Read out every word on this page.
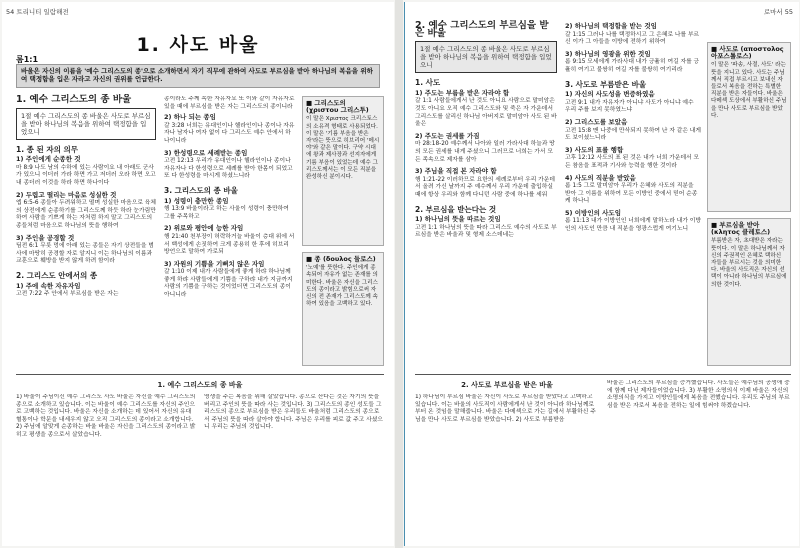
54 트리니티 일람해전
1. 사도 바울
롬1:1
바울은 자신의 이름을 '예수 그리스도의 종'으로 소개하면서 자기 직무에 관하여 사도로 부르심을 받아 하나님의 복음을 위하여 택정함을 입은 자라고 자신의 권위를 언급한다.
1. 예수 그리스도의 종 바울
1절 예수 그리스도의 종 바울은 사도로 부르심을 받아 하나님의 복음을 위하여 택정함을 입었으니
1. 종 된 자의 의무
1) 주인에게 순종한 것
마 8:9 나도 남의 수하에 있는 사람이요 내 아래도 군사가 있으니 이더러 가라 하면 가고 저더러 오라 하면 오고 내 종더러 이것을 하라 하면 하나이다
2) 두렵고 떨리는 마음로 성실한 것
엡 6:5-6 종들아 두려워하고 떨며 성실한 마음으로 육체의 상전에게 순종하기를 그리스도께 하듯 하라 눈가림만 하여 사람을 기쁘게 하는 자처럼 하지 말고 그리스도의 종들처럼 마음으로 하나님의 뜻을 행하여
3) 주인을 공경할 것
딤전 6:1 무릇 멍에 아래 있는 종들은 자기 상전들을 범사에 마땅히 공경할 자로 알지니 이는 하나님의 이름과 교훈으로 훼방을 받지 않게 하려 함이라
2. 그리스도 안에서의 종
1) 주에 속한 자유자임
고전 7:22 주 안에서 부르심을 받은 자는
종이라도 주께 속한 자유자요 또 이와 같이 자유자로 있을 때에 부르심을 받은 자는 그리스도의 종이니라
2) 하나 되는 종임
갈 3:28 너희는 유대인이나 헬라인이나 종이나 자유자나 남자나 여자 없이 다 그리스도 예수 안에서 하나이니라
3) 한성령으로 세례받는 종임
고전 12:13 우리가 유대인이나 헬라인이나 종이나 자유자나 다 한성령으로 세례를 받아 한몸이 되었고 또 다 한성령을 마시게 하셨느니라
3. 그리스도의 종 바울
1) 성령이 충만한 종임
행 13:9 바울이라고 하는 사울이 성령이 충만하여 그를 주목하고
2) 위로와 평안에 능한 자임
행 21:40 천부장이 허락하거늘 바울이 층대 위에 서서 백성에게 손짓하여 크게 종용히 한 후에 히브리 방언으로 말하여 가로되
3) 자원의 기쁨을 기뻐치 않은 자임
갈 1:10 이제 내가 사람들에게 좋게 하랴 하나님께 좋게 하랴 사람들에게 기쁨을 구하랴 내가 지금까지 사람의 기쁨을 구하는 것이었더면 그리스도의 종이 아니니라
■ 그리스도의 (χριστου 그리스투)
이 말은 Χριστος 크리스토스의 소유격 형태로 사용되었다. 이 말은 '기름 부음을 받은 자'라는 뜻으로 히브리어 '메시야'와 같은 말이다. 구약 시대에 왕과 제사장과 선지자에게 기름 부음이 있었는데 예수 그리스도께서는 이 모든 직분을 완성하신 분이시다.
■ 종 (δουλος 둘로스)
'노예'를 뜻한다. 주인에게 종속되어 자유가 없는 존재를 의미한다. 바울은 자신을 그리스도의 종이라고 밝힘으로써 자신의 전 존재가 그리스도께 속하여 있음을 고백하고 있다.
1. 예수 그리스도의 종 바울
1) 바울이 주님이신 예수 그리스도 사도 바울은 자신을 예수 그리스도의 종으로 소개하고 있습니다. 이는 바울이 예수 그리스도를 자신의 주인으로 고백하는 것입니다. 바울은 자신을 소개하는 데 있어서 자신의 유대 혈통이나 학문을 내세우지 않고 오직 그리스도의 종이라고 소개합니다. 2) 주님에 알맞게 순종하는 바울 바울은 자신을 그리스도의 종이라고 밝히고 평생을 종으로서 살았습니다.
영생을 주는 복음을 위해 살았습니다. 종으로 산다는 것은 자기의 뜻을 버리고 주인의 뜻을 따라 사는 것입니다. 3) 그리스도의 종인 성도들 그리스도의 종으로 부르심을 받은 우리들도 바울처럼 그리스도의 종으로서 주님의 뜻을 따라 살아야 합니다. 주님은 우리를 피로 값 주고 사셨으니 우리는 주님의 것입니다.
로마서 55
2. 예수 그리스도의 부르심을 받은 바울
1절 예수 그리스도의 종 바울은 사도로 부르심을 받아 하나님의 복음을 위하여 택정함을 입었으니
1. 사도
1) 주도는 부름을 받은 자라야 함
갈 1:1 사람들에게서 난 것도 아니요 사람으로 말미암은 것도 아니요 오직 예수 그리스도와 및 죽은 자 가운데서 그리스도를 살리신 하나님 아버지로 말미암아 사도 된 바울은
2) 주도는 권세를 가짐
마 28:18-20 예수께서 나아와 일러 가라사대 하늘과 땅의 모든 권세를 내게 주셨으니 그러므로 너희는 가서 모든 족속으로 제자를 삼아
3) 주님을 직접 본 자라야 함
행 1:21-22 이러하므로 요한의 세례로부터 우리 가운데서 올려 가신 날까지 주 예수께서 우리 가운데 출입하실 때에 항상 우리와 함께 다니던 사람 중에 하나를 세워
2. 부르심을 받는다는 것
1) 하나님의 뜻을 따르는 것임
고전 1:1 하나님의 뜻을 따라 그리스도 예수의 사도로 부르심을 받은 바울과 및 형제 소스데네는
2) 하나님의 택정함을 받는 것임
갈 1:15 그러나 나를 택정하시고 그 은혜로 나를 부르신 이가 그 아들을 이방에 전하기 위하여
3) 하나님의 영광을 위한 것임
롬 9:15 모세에게 가라사대 내가 긍휼히 여길 자를 긍휼히 여기고 불쌍히 여길 자를 불쌍히 여기리라
3. 사도로 부름받은 바울
1) 자신의 사도성을 변증하였음
고전 9:1 내가 자유자가 아니냐 사도가 아니냐 예수 우리 주를 보지 못하였느냐
2) 그리스도를 보았음
고전 15:8 맨 나중에 만삭되지 못하여 난 자 같은 내게도 보이셨느니라
3) 사도의 표를 행함
고후 12:12 사도의 표 된 것은 내가 너희 가운데서 모든 참음을 표적과 기사와 능력을 행한 것이라
4) 사도의 직분을 받았음
롬 1:5 그로 말미암아 우리가 은혜와 사도의 직분을 받아 그 이름을 위하여 모든 이방인 중에서 믿어 순종케 하나니
5) 이방인의 사도임
롬 11:13 내가 이방인인 너희에게 말하노라 내가 이방인의 사도인 만큼 내 직분을 영광스럽게 여기노니
■ 사도로 (αποστολος 아포스톨로스)
이 말은 '파송, 사절, 사도' 라는 뜻을 지니고 있다. 사도는 주님께서 직접 부르시고 보내신 자들로서 복음을 전하는 특별한 직분을 받은 자들이다. 바울은 다메섹 도상에서 부활하신 주님을 만나 사도로 부르심을 받았다.
■ 부르심을 받아 (κλητος 클레토스)
부름받은 자, 초대받은 자라는 뜻이다. 이 말은 하나님께서 자신의 주권적인 은혜로 택하신 자들을 부르시는 것을 의미한다. 바울의 사도직은 자신의 선택이 아니라 하나님의 부르심에 의한 것이다.
2. 사도로 부르심을 받은 바울
1) 하나님이 부르심 바울은 자신이 사도로 부르심을 받았다고 고백하고 있습니다. 이는 바울의 사도직이 사람에게서 난 것이 아니라 하나님께로부터 온 것임을 말해줍니다. 바울은 다메섹으로 가는 길에서 부활하신 주님을 만나 사도로 부르심을 받았습니다. 2) 사도로 부름받음
바울은 그리스도의 부르심을 증거했습니다. 사도들은 예수님의 공생애 중에 함께 다닌 제자들이었습니다. 3) 부활한 소명의식 이제 바울은 자신의 소명의식을 가지고 이방인들에게 복음을 전했습니다. 우리도 주님의 부르심을 받은 자로서 복음을 전하는 일에 힘써야 하겠습니다.
